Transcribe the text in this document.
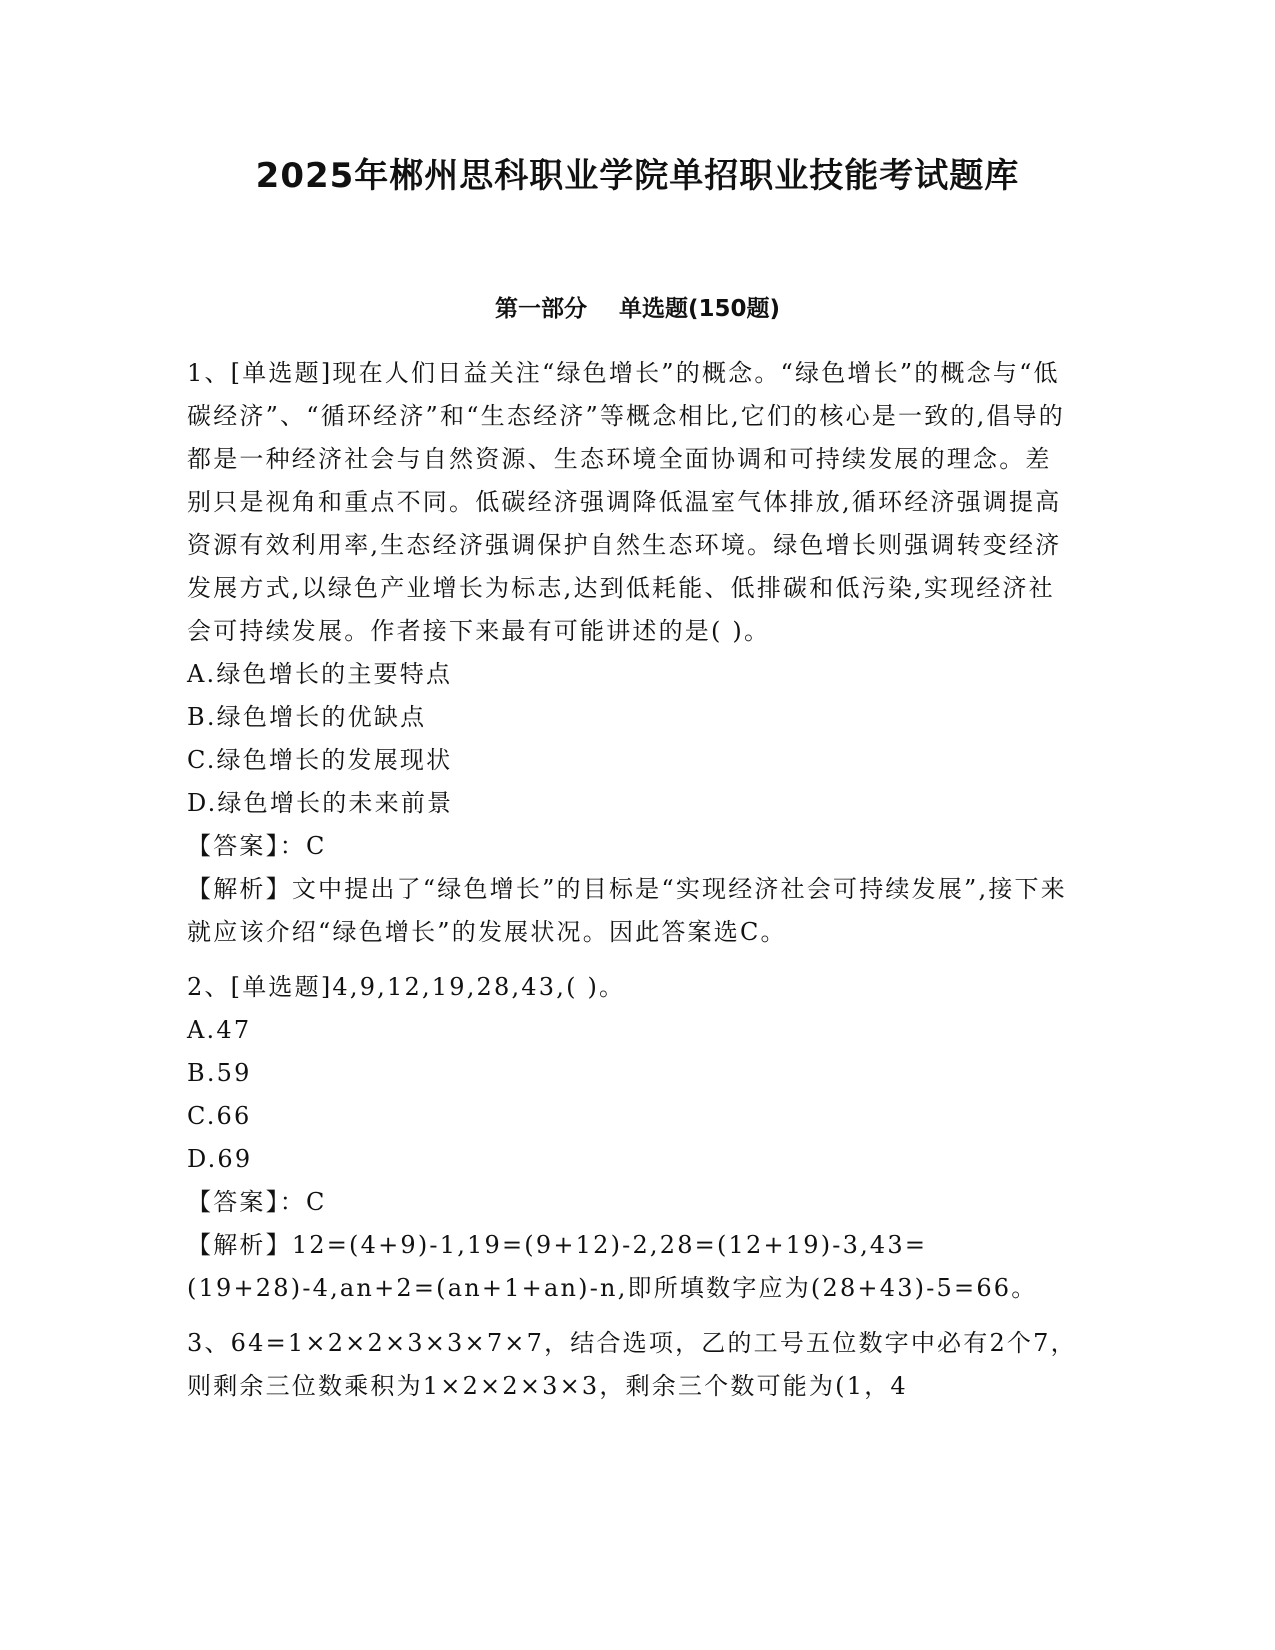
2025年郴州思科职业学院单招职业技能考试题库
第一部分 单选题(150题)

1、[单选题]现在人们日益关注“绿色增长”的概念。“绿色增长”的概念与“低碳经济”、“循环经济”和“生态经济”等概念相比,它们的核心是一致的,倡导的都是一种经济社会与自然资源、生态环境全面协调和可持续发展的理念。差别只是视角和重点不同。低碳经济强调降低温室气体排放,循环经济强调提高资源有效利用率,生态经济强调保护自然生态环境。绿色增长则强调转变经济发展方式,以绿色产业增长为标志,达到低耗能、低排碳和低污染,实现经济社会可持续发展。作者接下来最有可能讲述的是( )。

A.绿色增长的主要特点

B.绿色增长的优缺点

C.绿色增长的发展现状

D.绿色增长的未来前景

【答案】：C

【解析】文中提出了“绿色增长”的目标是“实现经济社会可持续发展”,接下来就应该介绍“绿色增长”的发展状况。因此答案选C。

2、[单选题]4,9,12,19,28,43,( )。

A.47

B.59

C.66

D.69

【答案】：C

【解析】12=(4+9)-1,19=(9+12)-2,28=(12+19)-3,43=(19+28)-4,an+2=(an+1+an)-n,即所填数字应为(28+43)-5=66。

3、64=1×2×2×3×3×7×7，结合选项，乙的工号五位数字中必有2个7，则剩余三位数乘积为1×2×2×3×3，剩余三个数可能为(1，4
